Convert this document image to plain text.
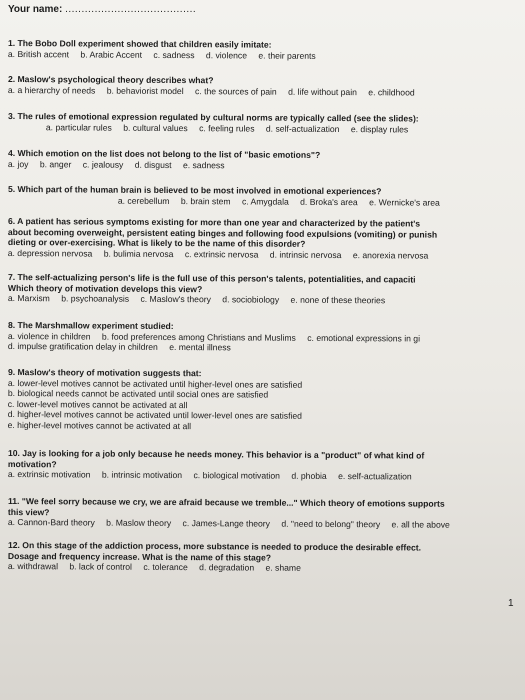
Your name: ........................................
1. The Bobo Doll experiment showed that children easily imitate:
a. British accent b. Arabic Accent c. sadness d. violence e. their parents
2. Maslow's psychological theory describes what?
a. a hierarchy of needs b. behaviorist model c. the sources of pain d. life without pain e. childhood
3. The rules of emotional expression regulated by cultural norms are typically called (see the slides):
a. particular rules b. cultural values c. feeling rules d. self-actualization e. display rules
4. Which emotion on the list does not belong to the list of "basic emotions"?
a. joy b. anger c. jealousy d. disgust e. sadness
5. Which part of the human brain is believed to be most involved in emotional experiences?
a. cerebellum b. brain stem c. Amygdala d. Broka's area e. Wernicke's area
6. A patient has serious symptoms existing for more than one year and characterized by the patient's
about becoming overweight, persistent eating binges and following food expulsions (vomiting) or punish
dieting or over-exercising. What is likely to be the name of this disorder?
a. depression nervosa b. bulimia nervosa c. extrinsic nervosa d. intrinsic nervosa e. anorexia nervosa
7. The self-actualizing person's life is the full use of this person's talents, potentialities, and capaciti
Which theory of motivation develops this view?
a. Marxism b. psychoanalysis c. Maslow's theory d. sociobiology e. none of these theories
8. The Marshmallow experiment studied:
a. violence in children b. food preferences among Christians and Muslims c. emotional expressions in gi
d. impulse gratification delay in children e. mental illness
9. Maslow's theory of motivation suggests that:
a. lower-level motives cannot be activated until higher-level ones are satisfied
b. biological needs cannot be activated until social ones are satisfied
c. lower-level motives cannot be activated at all
d. higher-level motives cannot be activated until lower-level ones are satisfied
e. higher-level motives cannot be activated at all
10. Jay is looking for a job only because he needs money. This behavior is a "product" of what kind of
motivation?
a. extrinsic motivation b. intrinsic motivation c. biological motivation d. phobia e. self-actualization
11. "We feel sorry because we cry, we are afraid because we tremble..." Which theory of emotions supports
this view?
a. Cannon-Bard theory b. Maslow theory c. James-Lange theory d. "need to belong" theory e. all the above
12. On this stage of the addiction process, more substance is needed to produce the desirable effect.
Dosage and frequency increase. What is the name of this stage?
a. withdrawal b. lack of control c. tolerance d. degradation e. shame
1
